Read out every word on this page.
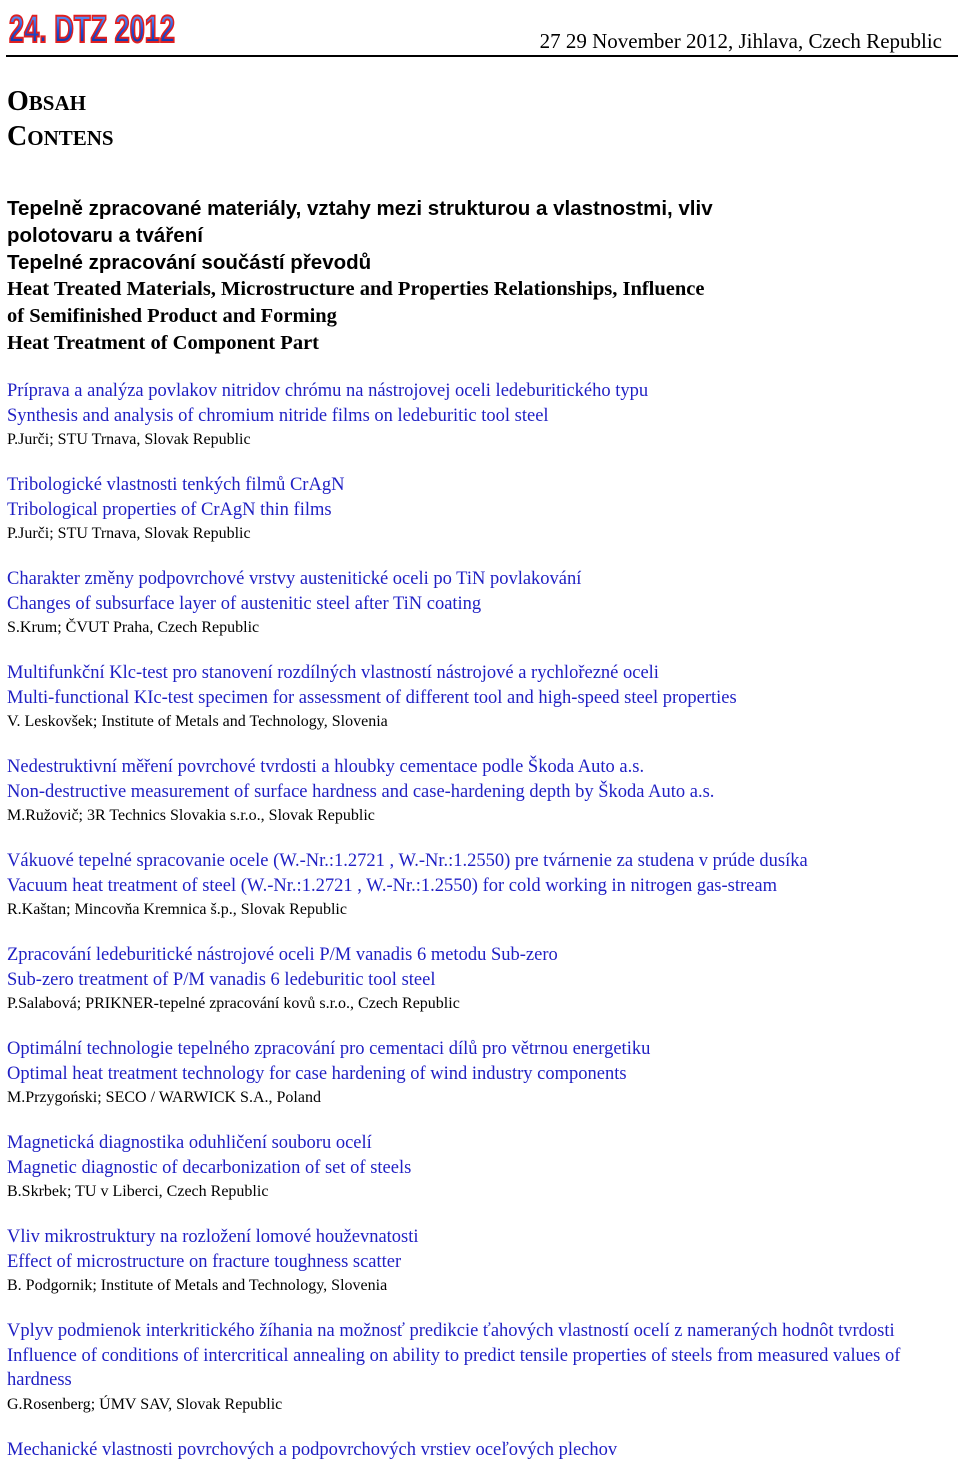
24. DTZ 2012	27 29 November 2012, Jihlava, Czech Republic
OBSAH
CONTENS
Tepelně zpracované materiály, vztahy mezi strukturou a vlastnostmi, vliv
polotovaru a tváření
Tepelné zpracování součástí převodů
Heat Treated Materials, Microstructure and Properties Relationships, Influence
of Semifinished Product and Forming
Heat Treatment of Component Part
Príprava a analýza povlakov nitridov chrómu na nástrojovej oceli ledeburitického typu
Synthesis and analysis of chromium nitride films on ledeburitic tool steel
P.Jurči; STU Trnava, Slovak Republic
Tribologické vlastnosti tenkých filmů CrAgN
Tribological properties of CrAgN thin films
P.Jurči; STU Trnava, Slovak Republic
Charakter změny podpovrchové vrstvy austenitické oceli po TiN povlakování
Changes of subsurface layer of austenitic steel after TiN coating
S.Krum; ČVUT Praha, Czech Republic
Multifunkční Klc-test pro stanovení rozdílných vlastností nástrojové a rychlořezné oceli
Multi-functional KIc-test specimen for assessment of different tool and high-speed steel properties
V. Leskovšek; Institute of Metals and Technology, Slovenia
Nedestruktivní měření povrchové tvrdosti a hloubky cementace podle Škoda Auto a.s.
Non-destructive measurement of surface hardness and case-hardening depth by Škoda Auto a.s.
M.Ružovič; 3R Technics Slovakia s.r.o., Slovak Republic
Vákuové tepelné spracovanie ocele (W.-Nr.:1.2721 , W.-Nr.:1.2550) pre tvárnenie za studena v prúde dusíka
Vacuum heat treatment of steel (W.-Nr.:1.2721 , W.-Nr.:1.2550) for cold working in nitrogen gas-stream
R.Kaštan; Mincovňa Kremnica š.p., Slovak Republic
Zpracování ledeburitické nástrojové oceli P/M vanadis 6 metodu Sub-zero
Sub-zero treatment of P/M vanadis 6 ledeburitic tool steel
P.Salabová; PRIKNER-tepelné zpracování kovů s.r.o., Czech Republic
Optimální technologie tepelného zpracování pro cementaci dílů pro větrnou energetiku
Optimal heat treatment technology for case hardening of wind industry components
M.Przygoński; SECO / WARWICK S.A., Poland
Magnetická diagnostika oduhličení souboru ocelí
Magnetic diagnostic of decarbonization of set of steels
B.Skrbek; TU v Liberci, Czech Republic
Vliv mikrostruktury na rozložení lomové houževnatosti
Effect of microstructure on fracture toughness scatter
B. Podgornik; Institute of Metals and Technology, Slovenia
Vplyv podmienok interkritického žíhania na možnosť predikcie ťahových vlastností ocelí z nameraných hodnôt tvrdosti
Influence of conditions of intercritical annealing on ability to predict tensile properties of steels from measured values of hardness
G.Rosenberg; ÚMV SAV, Slovak Republic
Mechanické vlastnosti povrchových a podpovrchových vrstiev oceľových plechov
